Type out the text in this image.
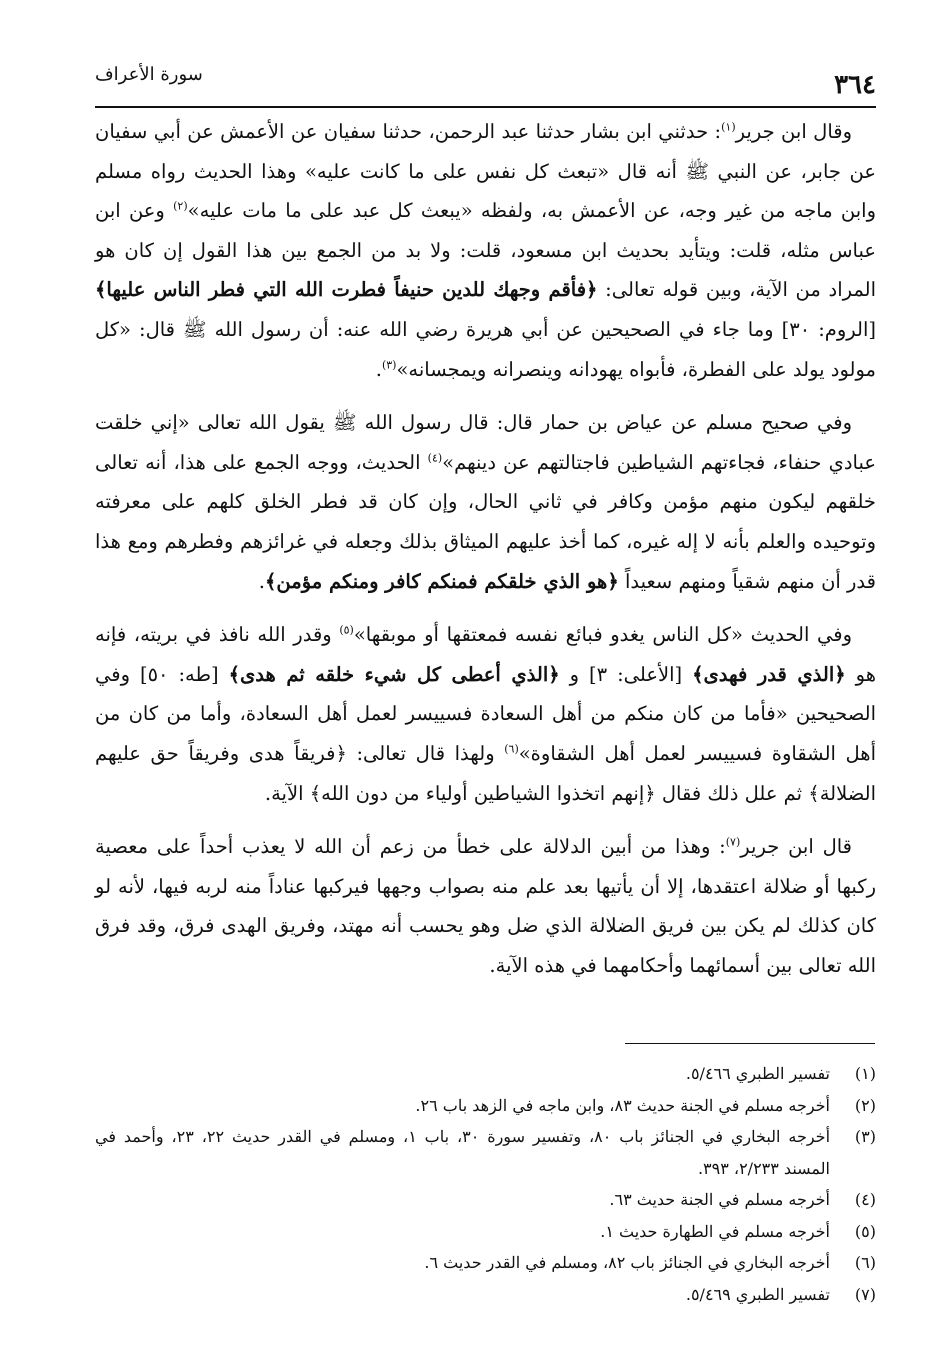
٣٦٤
سورة الأعراف

وقال ابن جرير$^{(١)}$: حدثني ابن بشار حدثنا عبد الرحمن، حدثنا سفيان عن الأعمش عن أبي سفيان عن جابر، عن النبي ﷺ أنه قال «تبعث كل نفس على ما كانت عليه» وهذا الحديث رواه مسلم وابن ماجه من غير وجه، عن الأعمش به، ولفظه «يبعث كل عبد على ما مات عليه»$^{(٢)}$ وعن ابن عباس مثله، قلت: ويتأيد بحديث ابن مسعود، قلت: ولا بد من الجمع بين هذا القول إن كان هو المراد من الآية، وبين قوله تعالى: ﴿فأقم وجهك للدين حنيفاً فطرت الله التي فطر الناس عليها﴾ [الروم: ٣٠] وما جاء في الصحيحين عن أبي هريرة رضي الله عنه: أن رسول الله ﷺ قال: «كل مولود يولد على الفطرة، فأبواه يهودانه وينصرانه ويمجسانه»$^{(٣)}$.

وفي صحيح مسلم عن عياض بن حمار قال: قال رسول الله ﷺ يقول الله تعالى «إني خلقت عبادي حنفاء، فجاءتهم الشياطين فاجتالتهم عن دينهم»$^{(٤)}$ الحديث، ووجه الجمع على هذا، أنه تعالى خلقهم ليكون منهم مؤمن وكافر في ثاني الحال، وإن كان قد فطر الخلق كلهم على معرفته وتوحيده والعلم بأنه لا إله غيره، كما أخذ عليهم الميثاق بذلك وجعله في غرائزهم وفطرهم ومع هذا قدر أن منهم شقياً ومنهم سعيداً ﴿هو الذي خلقكم فمنكم كافر ومنكم مؤمن﴾.

وفي الحديث «كل الناس يغدو فبائع نفسه فمعتقها أو موبقها»$^{(٥)}$ وقدر الله نافذ في بريته، فإنه هو ﴿الذي قدر فهدى﴾ [الأعلى: ٣] و ﴿الذي أعطى كل شيء خلقه ثم هدى﴾ [طه: ٥٠] وفي الصحيحين «فأما من كان منكم من أهل السعادة فسييسر لعمل أهل السعادة، وأما من كان من أهل الشقاوة فسييسر لعمل أهل الشقاوة»$^{(٦)}$ ولهذا قال تعالى: ﴿فريقاً هدى وفريقاً حق عليهم الضلالة﴾ ثم علل ذلك فقال ﴿إنهم اتخذوا الشياطين أولياء من دون الله﴾ الآية.

قال ابن جرير$^{(٧)}$: وهذا من أبين الدلالة على خطأ من زعم أن الله لا يعذب أحداً على معصية ركبها أو ضلالة اعتقدها، إلا أن يأتيها بعد علم منه بصواب وجهها فيركبها عناداً منه لربه فيها، لأنه لو كان كذلك لم يكن بين فريق الضلالة الذي ضل وهو يحسب أنه مهتد، وفريق الهدى فرق، وقد فرق الله تعالى بين أسمائهما وأحكامهما في هذه الآية.

(١)
تفسير الطبري ٥/٤٦٦.
(٢)
أخرجه مسلم في الجنة حديث ٨٣، وابن ماجه في الزهد باب ٢٦.
(٣)
أخرجه البخاري في الجنائز باب ٨٠، وتفسير سورة ٣٠، باب ١، ومسلم في القدر حديث ٢٢، ٢٣، وأحمد في المسند ٢/٢٣٣، ٣٩٣.
(٤)
أخرجه مسلم في الجنة حديث ٦٣.
(٥)
أخرجه مسلم في الطهارة حديث ١.
(٦)
أخرجه البخاري في الجنائز باب ٨٢، ومسلم في القدر حديث ٦.
(٧)
تفسير الطبري ٥/٤٦٩.
